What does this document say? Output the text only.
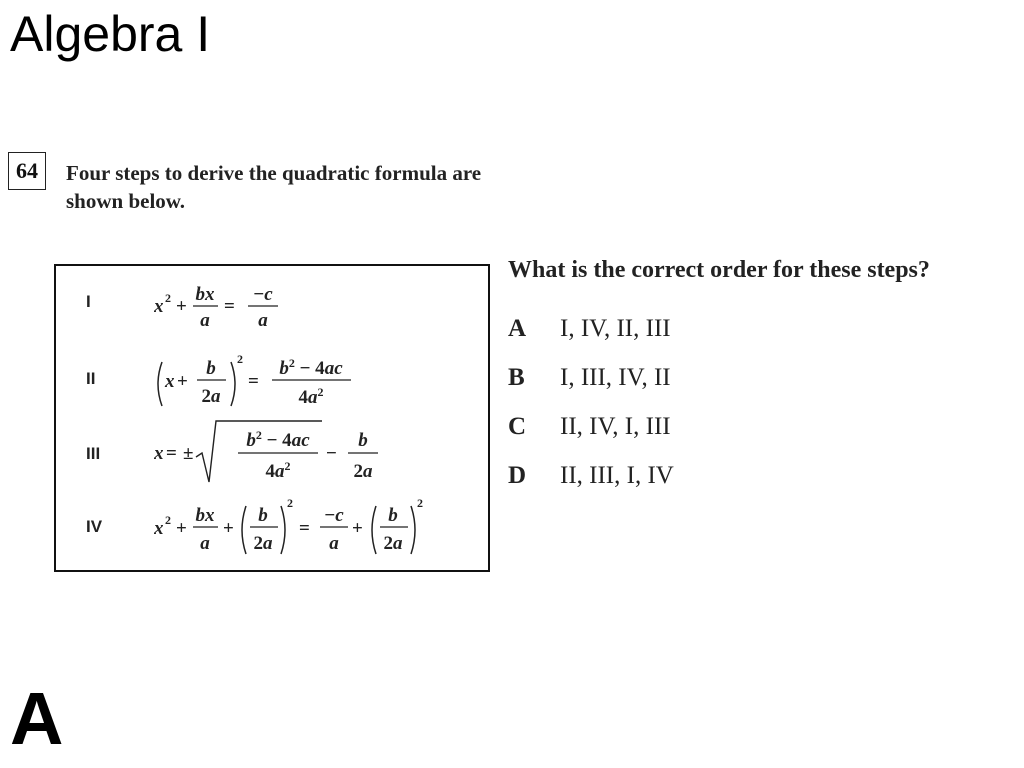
Algebra I
64	Four steps to derive the quadratic formula are shown below.
I	x 2 +
bx
a
=
−c
a
II	x +
b
2a
2
=
$b^2 - 4ac$
$4a^2$
III	x = ±
$b^2 - 4ac$
$4a^2$
−
b
2a
IV	x 2 +
bx
a
+
b
2a
2
=
−c
a
+
b
2a
2
What is the correct order for these steps?
A I, IV, II, III
B I, III, IV, II
C II, IV, I, III
D II, III, I, IV
A
